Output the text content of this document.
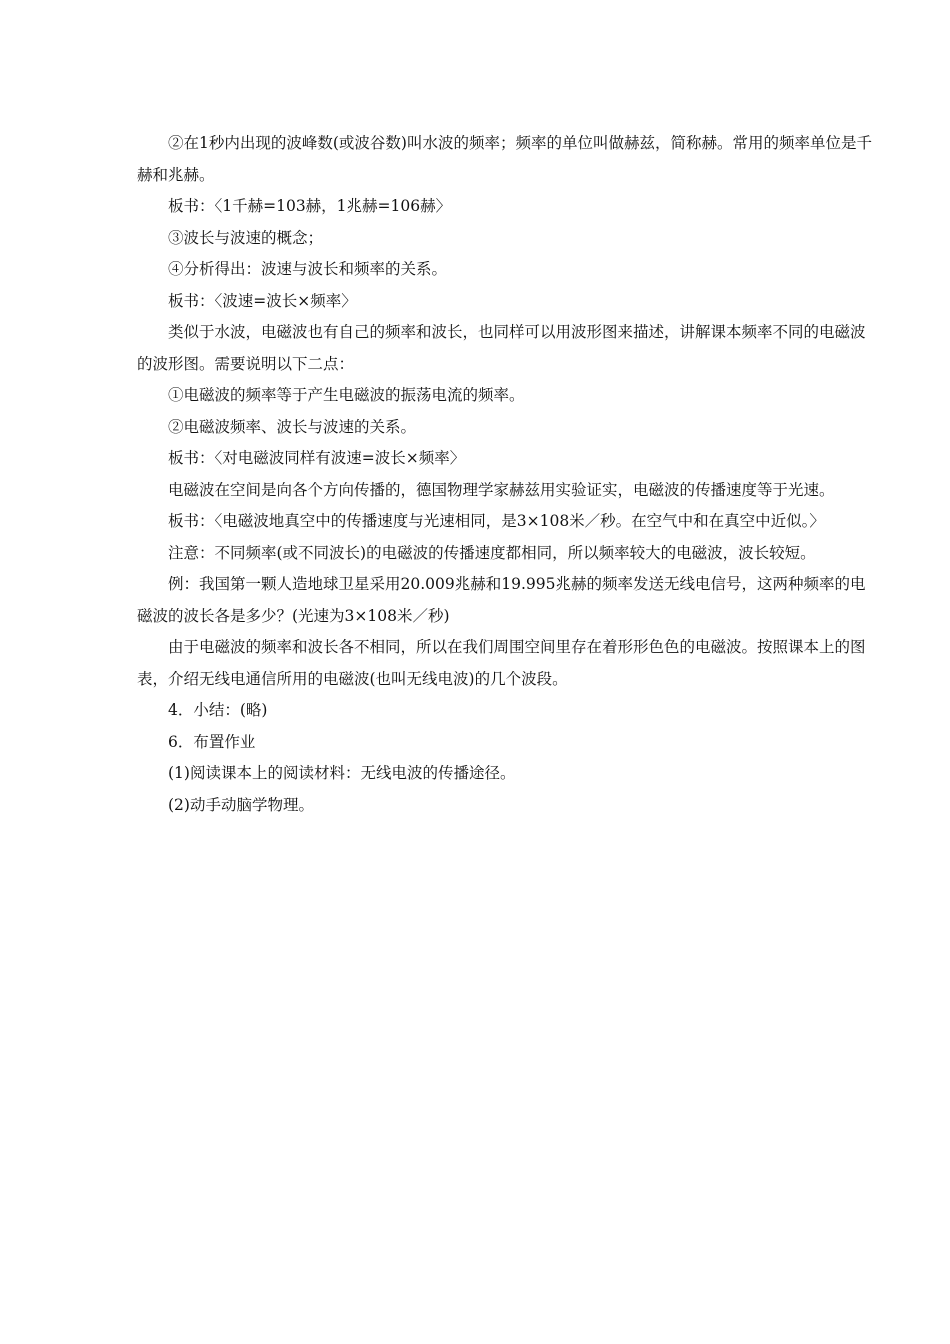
②在1秒内出现的波峰数(或波谷数)叫水波的频率；频率的单位叫做赫兹，简称赫。常用的频率单位是千赫和兆赫。

板书：〈1千赫=103赫，1兆赫=106赫〉

③波长与波速的概念；

④分析得出：波速与波长和频率的关系。

板书：〈波速=波长×频率〉

类似于水波，电磁波也有自己的频率和波长，也同样可以用波形图来描述，讲解课本频率不同的电磁波的波形图。需要说明以下二点：

①电磁波的频率等于产生电磁波的振荡电流的频率。

②电磁波频率、波长与波速的关系。

板书：〈对电磁波同样有波速=波长×频率〉

电磁波在空间是向各个方向传播的，德国物理学家赫兹用实验证实，电磁波的传播速度等于光速。

板书：〈电磁波地真空中的传播速度与光速相同，是3×108米／秒。在空气中和在真空中近似。〉

注意：不同频率(或不同波长)的电磁波的传播速度都相同，所以频率较大的电磁波，波长较短。

例：我国第一颗人造地球卫星采用20.009兆赫和19.995兆赫的频率发送无线电信号，这两种频率的电磁波的波长各是多少？(光速为3×108米／秒)

由于电磁波的频率和波长各不相同，所以在我们周围空间里存在着形形色色的电磁波。按照课本上的图表，介绍无线电通信所用的电磁波(也叫无线电波)的几个波段。

4．小结：(略)

6．布置作业

(1)阅读课本上的阅读材料：无线电波的传播途径。

(2)动手动脑学物理。
